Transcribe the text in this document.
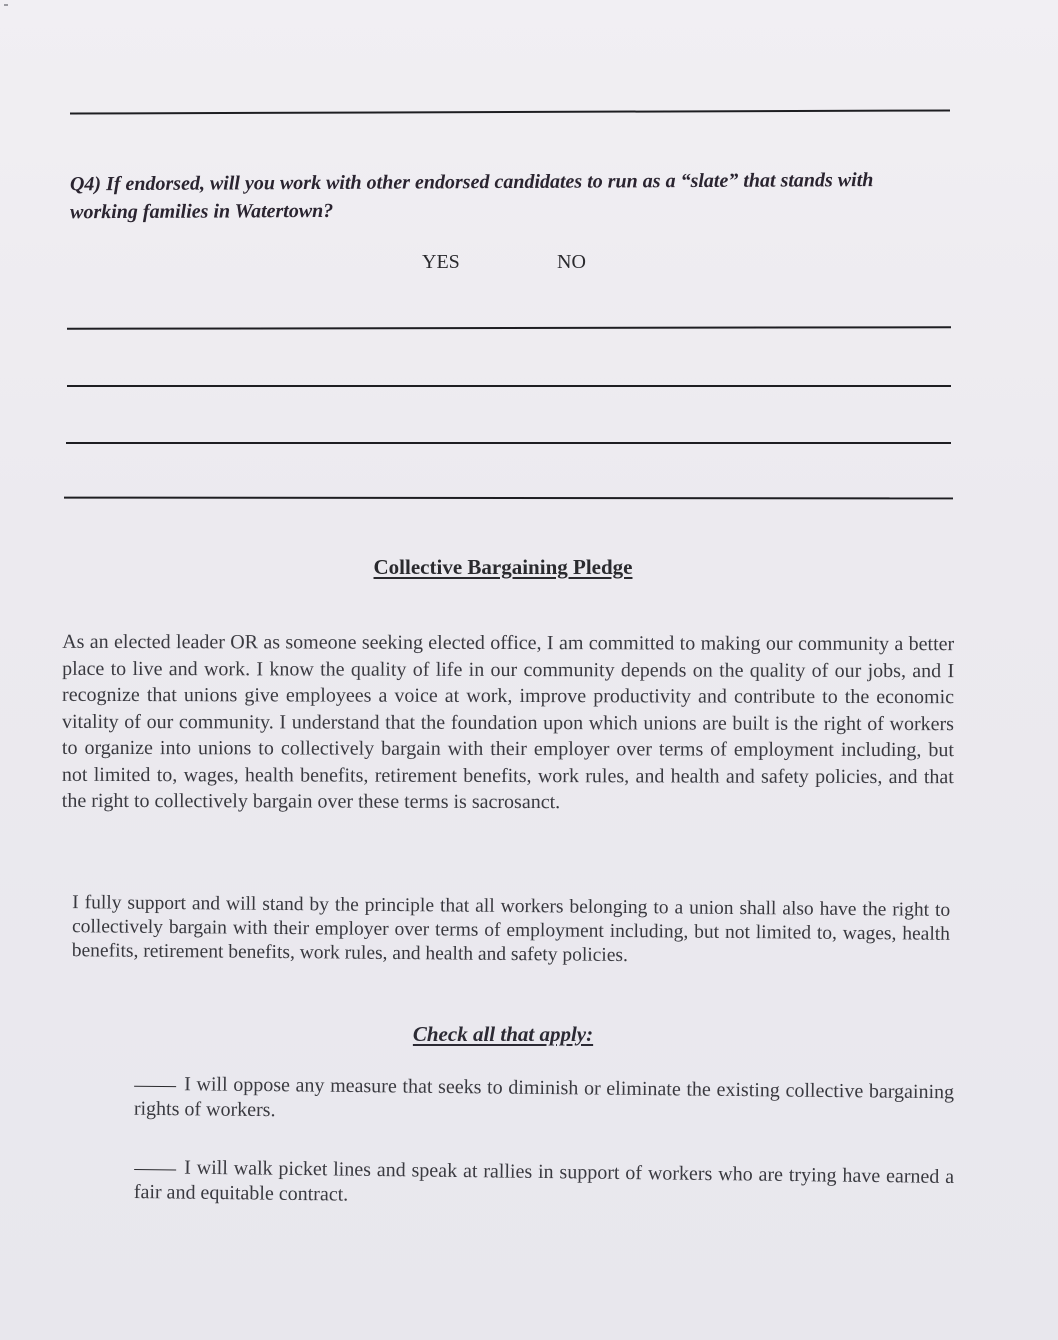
Q4) If endorsed, will you work with other endorsed candidates to run as a “slate” that stands with working families in Watertown?
YES	NO
Collective Bargaining Pledge
As an elected leader OR as someone seeking elected office, I am committed to making our community a better place to live and work. I know the quality of life in our community depends on the quality of our jobs, and I recognize that unions give employees a voice at work, improve productivity and contribute to the economic vitality of our community. I understand that the foundation upon which unions are built is the right of workers to organize into unions to collectively bargain with their employer over terms of employment including, but not limited to, wages, health benefits, retirement benefits, work rules, and health and safety policies, and that the right to collectively bargain over these terms is sacrosanct.
I fully support and will stand by the principle that all workers belonging to a union shall also have the right to collectively bargain with their employer over terms of employment including, but not limited to, wages, health benefits, retirement benefits, work rules, and health and safety policies.
Check all that apply:
I will oppose any measure that seeks to diminish or eliminate the existing collective bargaining rights of workers.
I will walk picket lines and speak at rallies in support of workers who are trying have earned a fair and equitable contract.
